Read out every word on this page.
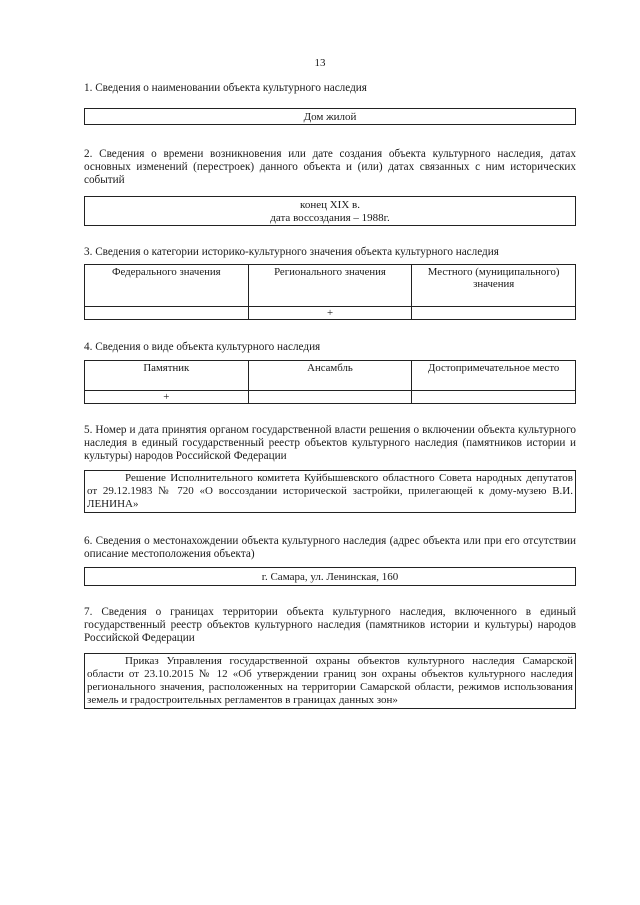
13
1. Сведения о наименовании объекта культурного наследия
Дом жилой
2. Сведения о времени возникновения или дате создания объекта культурного наследия, датах основных изменений (перестроек) данного объекта и (или) датах связанных с ним исторических событий
конец XIX в.
дата воссоздания – 1988г.
3. Сведения о категории историко-культурного значения объекта культурного наследия
Федерального значения	Регионального значения	Местного (муниципального) значения
	+	
4. Сведения о виде объекта культурного наследия
Памятник	Ансамбль	Достопримечательное место
+		
5. Номер и дата принятия органом государственной власти решения о включении объекта культурного наследия в единый государственный реестр объектов культурного наследия (памятников истории и культуры) народов Российской Федерации
Решение Исполнительного комитета Куйбышевского областного Совета народных депутатов от 29.12.1983 № 720 «О воссоздании исторической застройки, прилегающей к дому-музею В.И. ЛЕНИНА»
6. Сведения о местонахождении объекта культурного наследия (адрес объекта или при его отсутствии описание местоположения объекта)
г. Самара, ул. Ленинская, 160
7. Сведения о границах территории объекта культурного наследия, включенного в единый государственный реестр объектов культурного наследия (памятников истории и культуры) народов Российской Федерации
Приказ Управления государственной охраны объектов культурного наследия Самарской области от 23.10.2015 № 12 «Об утверждении границ зон охраны объектов культурного наследия регионального значения, расположенных на территории Самарской области, режимов использования земель и градостроительных регламентов в границах данных зон»
